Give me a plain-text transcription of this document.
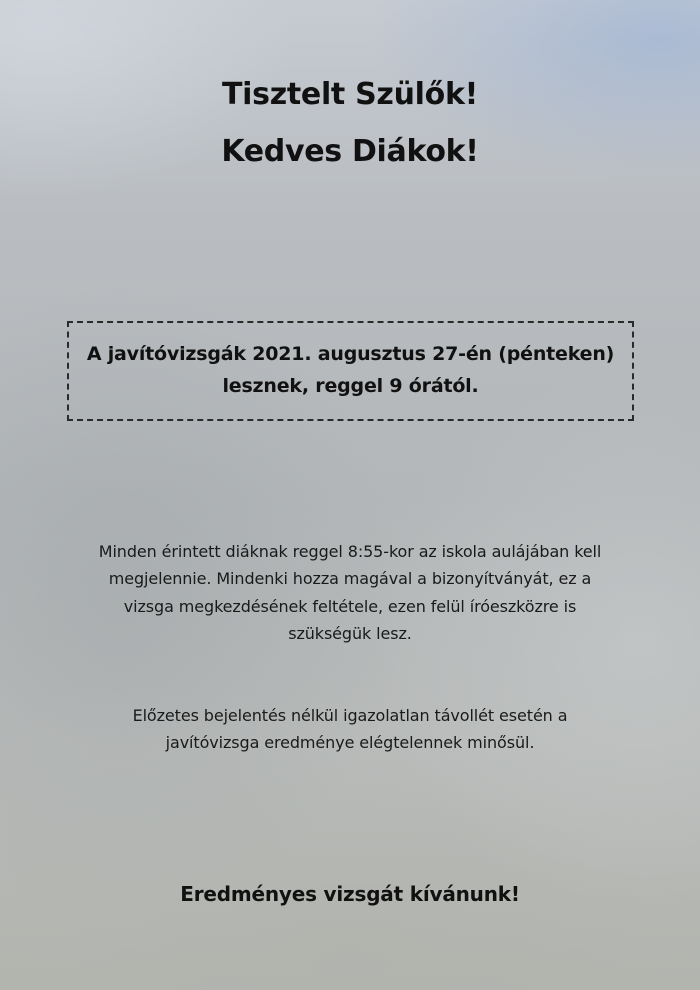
Tisztelt Szülők!
Kedves Diákok!
A javítóvizsgák 2021. augusztus 27-én (pénteken)
lesznek, reggel 9 órától.
Minden érintett diáknak reggel 8:55-kor az iskola aulájában kell
megjelennie. Mindenki hozza magával a bizonyítványát, ez a
vizsga megkezdésének feltétele, ezen felül íróeszközre is
szükségük lesz.
Előzetes bejelentés nélkül igazolatlan távollét esetén a
javítóvizsga eredménye elégtelennek minősül.
Eredményes vizsgát kívánunk!
